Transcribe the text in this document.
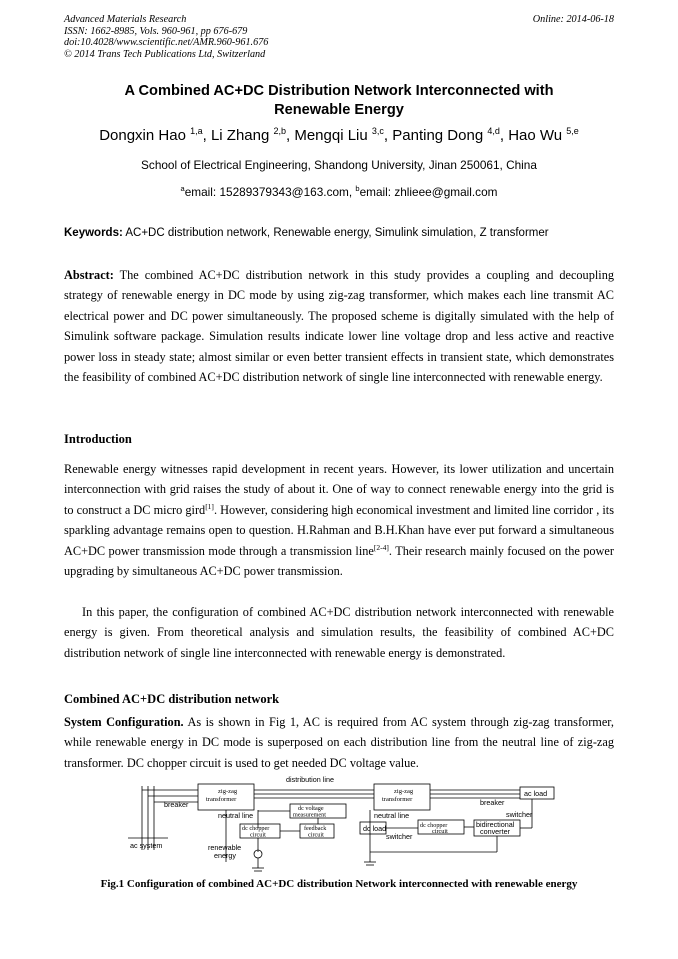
Advanced Materials Research
ISSN: 1662-8985, Vols. 960-961, pp 676-679
doi:10.4028/www.scientific.net/AMR.960-961.676
© 2014 Trans Tech Publications Ltd, Switzerland
Online: 2014-06-18
A Combined AC+DC Distribution Network Interconnected with
Renewable Energy
Dongxin Hao $^{1,a}$, Li Zhang $^{2,b}$, Mengqi Liu $^{3,c}$, Panting Dong $^{4,d}$, Hao Wu $^{5,e}$
School of Electrical Engineering, Shandong University, Jinan 250061, China
$^a$email: 15289379343@163.com, $^b$email: zhlieee@gmail.com
Keywords: AC+DC distribution network, Renewable energy, Simulink simulation, Z transformer
Abstract: The combined AC+DC distribution network in this study provides a coupling and decoupling strategy of renewable energy in DC mode by using zig-zag transformer, which makes each line transmit AC electrical power and DC power simultaneously. The proposed scheme is digitally simulated with the help of Simulink software package. Simulation results indicate lower line voltage drop and less active and reactive power loss in steady state; almost similar or even better transient effects in transient state, which demonstrates the feasibility of combined AC+DC distribution network of single line interconnected with renewable energy.
Introduction
Renewable energy witnesses rapid development in recent years. However, its lower utilization and uncertain interconnection with grid raises the study of about it. One of way to connect renewable energy into the grid is to construct a DC micro gird[1]. However, considering high economical investment and limited line corridor , its sparkling advantage remains open to question. H.Rahman and B.H.Khan have ever put forward a simultaneous AC+DC power transmission mode through a transmission line[2-4]. Their research mainly focused on the power upgrading by simultaneous AC+DC power transmission.
In this paper, the configuration of combined AC+DC distribution network interconnected with renewable energy is given. From theoretical analysis and simulation results, the feasibility of combined AC+DC distribution network of single line interconnected with renewable energy is demonstrated.
Combined AC+DC distribution network
System Configuration. As is shown in Fig 1, AC is required from AC system through zig-zag transformer, while renewable energy in DC mode is superposed on each distribution line from the neutral line of zig-zag transformer. DC chopper circuit is used to get needed DC voltage value.
distribution line
zig-zag
transformer
zig-zag
transformer
breaker	breaker
neutral line	neutral line
dc voltage
measurement
dc chopper
circuit
feedback
circuit
ac system	renewable
energy
dc load
switcher
dc chopper
circuit
bidirectional
converter
ac load
switcher
Fig.1 Configuration of combined AC+DC distribution Network interconnected with renewable energy
